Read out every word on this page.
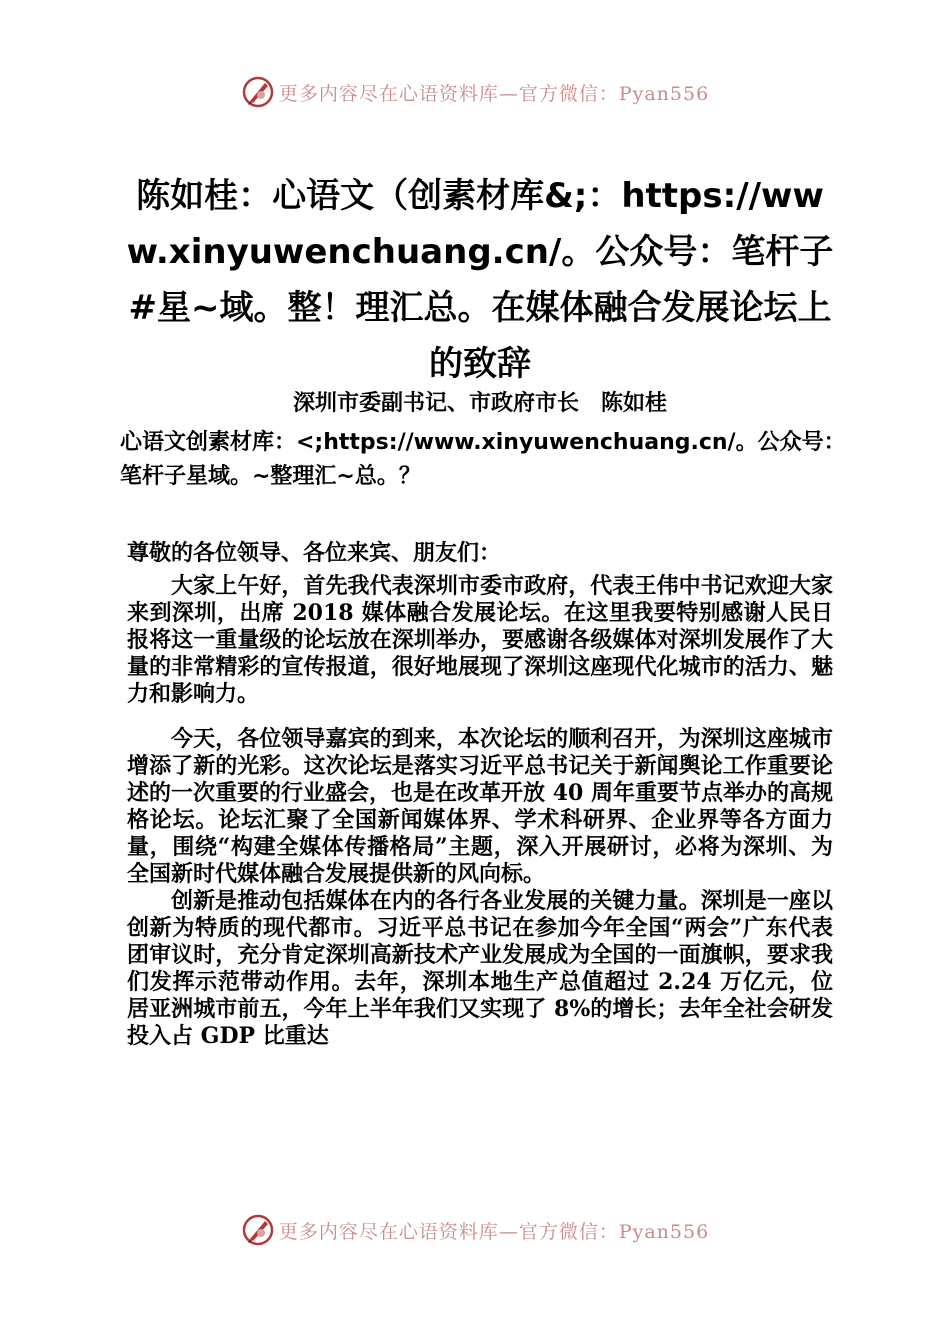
更多内容尽在心语资料库—官方微信：Pyan556
陈如桂：心语文（创素材库&;：https://www.xinyuwenchuang.cn/。公众号：笔杆子#星~域。整！理汇总。在媒体融合发展论坛上的致辞

深圳市委副书记、市政府市长　陈如桂

心语文创素材库：<;https://www.xinyuwenchuang.cn/。公众号：笔杆子星域。~整理汇~总。？

尊敬的各位领导、各位来宾、朋友们：

大家上午好，首先我代表深圳市委市政府，代表王伟中书记欢迎大家来到深圳，出席 2018 媒体融合发展论坛。在这里我要特别感谢人民日报将这一重量级的论坛放在深圳举办，要感谢各级媒体对深圳发展作了大量的非常精彩的宣传报道，很好地展现了深圳这座现代化城市的活力、魅力和影响力。

今天，各位领导嘉宾的到来，本次论坛的顺利召开，为深圳这座城市增添了新的光彩。这次论坛是落实习近平总书记关于新闻舆论工作重要论述的一次重要的行业盛会，也是在改革开放 40 周年重要节点举办的高规格论坛。论坛汇聚了全国新闻媒体界、学术科研界、企业界等各方面力量，围绕“构建全媒体传播格局”主题，深入开展研讨，必将为深圳、为全国新时代媒体融合发展提供新的风向标。

创新是推动包括媒体在内的各行各业发展的关键力量。深圳是一座以创新为特质的现代都市。习近平总书记在参加今年全国“两会”广东代表团审议时，充分肯定深圳高新技术产业发展成为全国的一面旗帜，要求我们发挥示范带动作用。去年，深圳本地生产总值超过 2.24 万亿元，位居亚洲城市前五，今年上半年我们又实现了 8%的增长；去年全社会研发投入占 GDP 比重达

更多内容尽在心语资料库—官方微信：Pyan556
